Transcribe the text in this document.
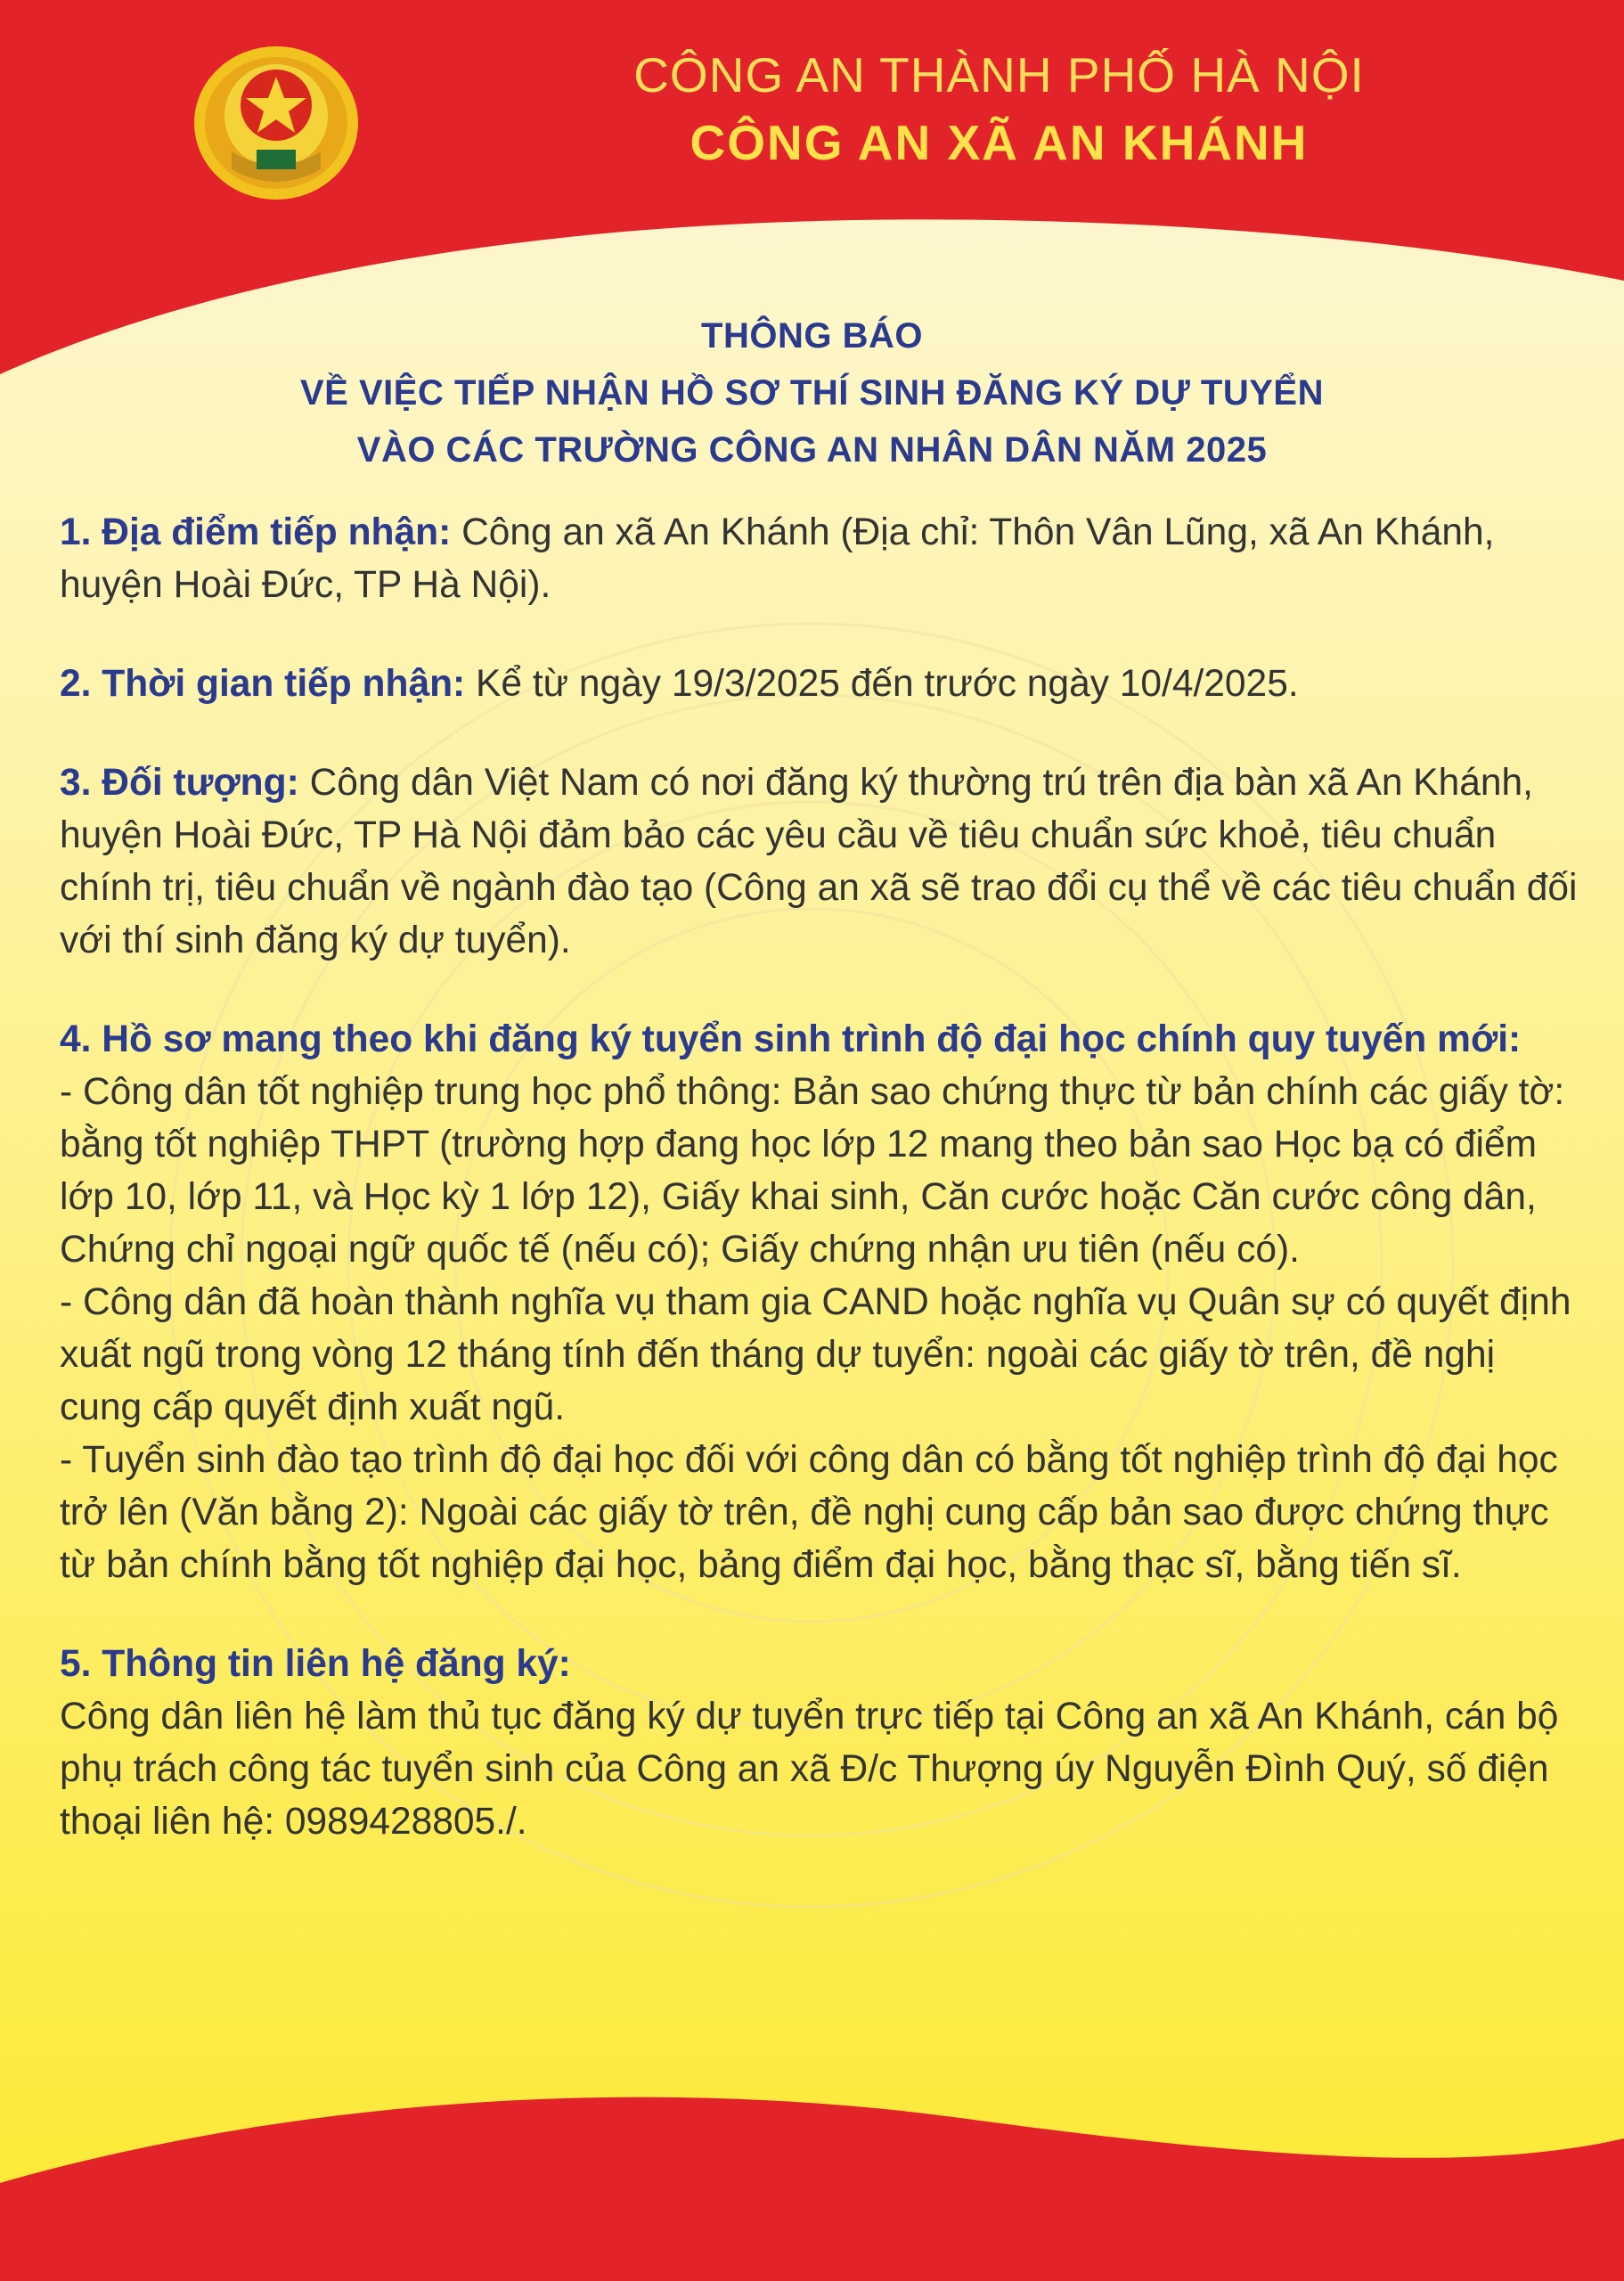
CÔNG AN THÀNH PHỐ HÀ NỘI
CÔNG AN XÃ AN KHÁNH
THÔNG BÁO
VỀ VIỆC TIẾP NHẬN HỒ SƠ THÍ SINH ĐĂNG KÝ DỰ TUYỂN
VÀO CÁC TRƯỜNG CÔNG AN NHÂN DÂN NĂM 2025

1. Địa điểm tiếp nhận: Công an xã An Khánh (Địa chỉ: Thôn Vân Lũng, xã An Khánh, huyện Hoài Đức, TP Hà Nội).

2. Thời gian tiếp nhận: Kể từ ngày 19/3/2025 đến trước ngày 10/4/2025.

3. Đối tượng: Công dân Việt Nam có nơi đăng ký thường trú trên địa bàn xã An Khánh, huyện Hoài Đức, TP Hà Nội đảm bảo các yêu cầu về tiêu chuẩn sức khoẻ, tiêu chuẩn chính trị, tiêu chuẩn về ngành đào tạo (Công an xã sẽ trao đổi cụ thể về các tiêu chuẩn đối với thí sinh đăng ký dự tuyển).

4. Hồ sơ mang theo khi đăng ký tuyển sinh trình độ đại học chính quy tuyến mới:

- Công dân tốt nghiệp trung học phổ thông: Bản sao chứng thực từ bản chính các giấy tờ: bằng tốt nghiệp THPT (trường hợp đang học lớp 12 mang theo bản sao Học bạ có điểm lớp 10, lớp 11, và Học kỳ 1 lớp 12), Giấy khai sinh, Căn cước hoặc Căn cước công dân, Chứng chỉ ngoại ngữ quốc tế (nếu có); Giấy chứng nhận ưu tiên (nếu có).

- Công dân đã hoàn thành nghĩa vụ tham gia CAND hoặc nghĩa vụ Quân sự có quyết định xuất ngũ trong vòng 12 tháng tính đến tháng dự tuyển: ngoài các giấy tờ trên, đề nghị cung cấp quyết định xuất ngũ.

- Tuyển sinh đào tạo trình độ đại học đối với công dân có bằng tốt nghiệp trình độ đại học trở lên (Văn bằng 2): Ngoài các giấy tờ trên, đề nghị cung cấp bản sao được chứng thực từ bản chính bằng tốt nghiệp đại học, bảng điểm đại học, bằng thạc sĩ, bằng tiến sĩ.

5. Thông tin liên hệ đăng ký:

Công dân liên hệ làm thủ tục đăng ký dự tuyển trực tiếp tại Công an xã An Khánh, cán bộ phụ trách công tác tuyển sinh của Công an xã Đ/c Thượng úy Nguyễn Đình Quý, số điện thoại liên hệ: 0989428805./.
